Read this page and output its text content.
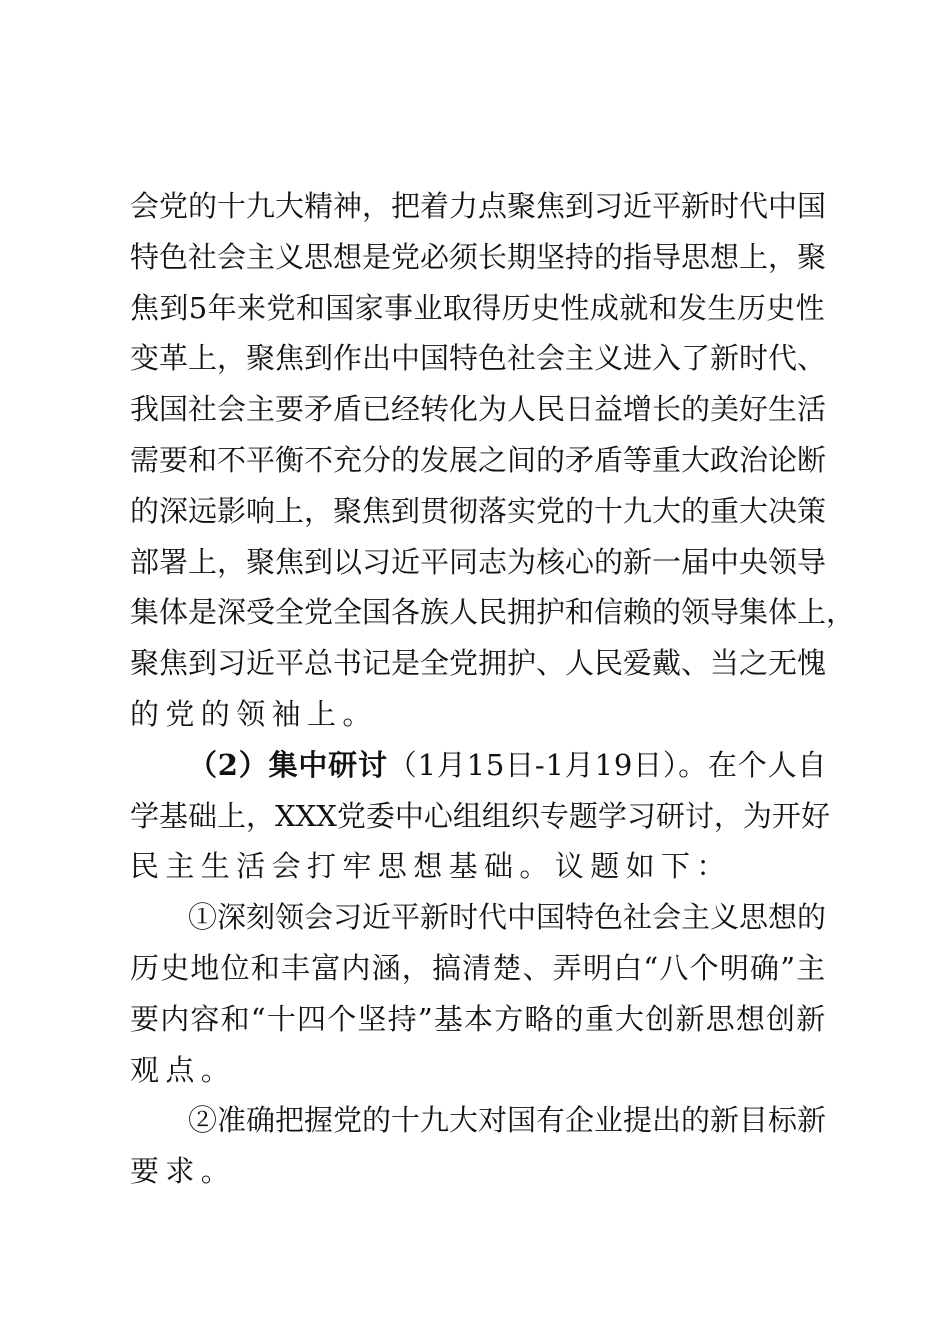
会党的十九大精神，把着力点聚焦到习近平新时代中国
特色社会主义思想是党必须长期坚持的指导思想上，聚
焦到5年来党和国家事业取得历史性成就和发生历史性
变革上，聚焦到作出中国特色社会主义进入了新时代、
我国社会主要矛盾已经转化为人民日益增长的美好生活
需要和不平衡不充分的发展之间的矛盾等重大政治论断
的深远影响上，聚焦到贯彻落实党的十九大的重大决策
部署上，聚焦到以习近平同志为核心的新一届中央领导
集体是深受全党全国各族人民拥护和信赖的领导集体上，
聚焦到习近平总书记是全党拥护、人民爱戴、当之无愧
的党的领袖上。

（2）集中研讨（1月15日-1月19日）。在个人自
学基础上，XXX党委中心组组织专题学习研讨，为开好
民主生活会打牢思想基础。议题如下：

①深刻领会习近平新时代中国特色社会主义思想的
历史地位和丰富内涵，搞清楚、弄明白“八个明确”主
要内容和“十四个坚持”基本方略的重大创新思想创新
观点。

②准确把握党的十九大对国有企业提出的新目标新
要求。
